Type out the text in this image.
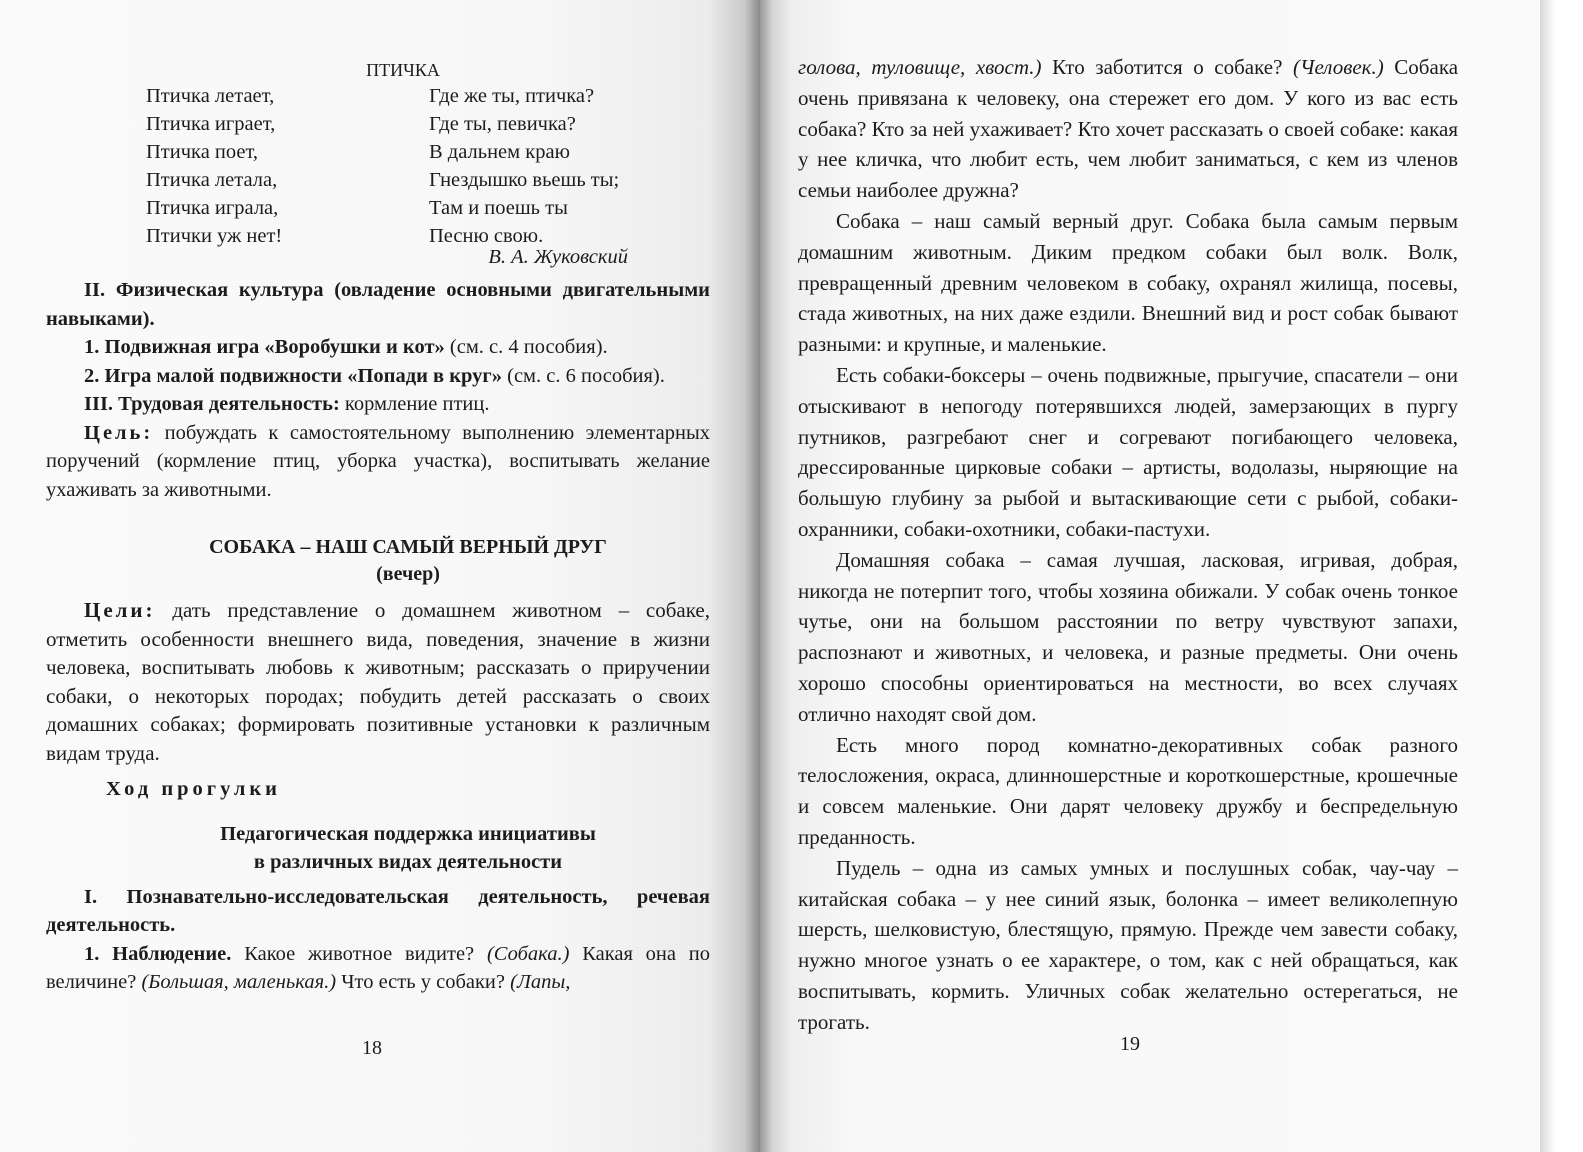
ПТИЧКА
Птичка летает,
Птичка играет,
Птичка поет,
Птичка летала,
Птичка играла,
Птички уж нет!
Где же ты, птичка?
Где ты, певичка?
В дальнем краю
Гнездышко вьешь ты;
Там и поешь ты
Песню свою.
В. А. Жуковский

II. Физическая культура (овладение основными двигательными навыками).

1. Подвижная игра «Воробушки и кот» (см. с. 4 пособия).

2. Игра малой подвижности «Попади в круг» (см. с. 6 пособия).

III. Трудовая деятельность: кормление птиц.

Цель: побуждать к самостоятельному выполнению элементарных поручений (кормление птиц, уборка участка), воспитывать желание ухаживать за животными.

СОБАКА – НАШ САМЫЙ ВЕРНЫЙ ДРУГ
(вечер)

Цели: дать представление о домашнем животном – собаке, отметить особенности внешнего вида, поведения, значение в жизни человека, воспитывать любовь к животным; рассказать о приручении собаки, о некоторых породах; побудить детей рассказать о своих домашних собаках; формировать позитивные установки к различным видам труда.

Ход прогулки
Педагогическая поддержка инициативы
в различных видах деятельности

I. Познавательно-исследовательская деятельность, речевая деятельность.

1. Наблюдение. Какое животное видите? (Собака.) Какая она по величине? (Большая, маленькая.) Что есть у собаки? (Лапы,

18

голова, туловище, хвост.) Кто заботится о собаке? (Человек.) Собака очень привязана к человеку, она стережет его дом. У кого из вас есть собака? Кто за ней ухаживает? Кто хочет рассказать о своей собаке: какая у нее кличка, что любит есть, чем любит заниматься, с кем из членов семьи наиболее дружна?

Собака – наш самый верный друг. Собака была самым первым домашним животным. Диким предком собаки был волк. Волк, превращенный древним человеком в собаку, охранял жилища, посевы, стада животных, на них даже ездили. Внешний вид и рост собак бывают разными: и крупные, и маленькие.

Есть собаки-боксеры – очень подвижные, прыгучие, спасатели – они отыскивают в непогоду потерявшихся людей, замерзающих в пургу путников, разгребают снег и согревают погибающего человека, дрессированные цирковые собаки – артисты, водолазы, ныряющие на большую глубину за рыбой и вытаскивающие сети с рыбой, собаки-охранники, собаки-охотники, собаки-пастухи.

Домашняя собака – самая лучшая, ласковая, игривая, добрая, никогда не потерпит того, чтобы хозяина обижали. У собак очень тонкое чутье, они на большом расстоянии по ветру чувствуют запахи, распознают и животных, и человека, и разные предметы. Они очень хорошо способны ориентироваться на местности, во всех случаях отлично находят свой дом.

Есть много пород комнатно-декоративных собак разного телосложения, окраса, длинношерстные и короткошерстные, крошечные и совсем маленькие. Они дарят человеку дружбу и беспредельную преданность.

Пудель – одна из самых умных и послушных собак, чау-чау – китайская собака – у нее синий язык, болонка – имеет великолепную шерсть, шелковистую, блестящую, прямую. Прежде чем завести собаку, нужно многое узнать о ее характере, о том, как с ней обращаться, как воспитывать, кормить. Уличных собак желательно остерегаться, не трогать.

19
